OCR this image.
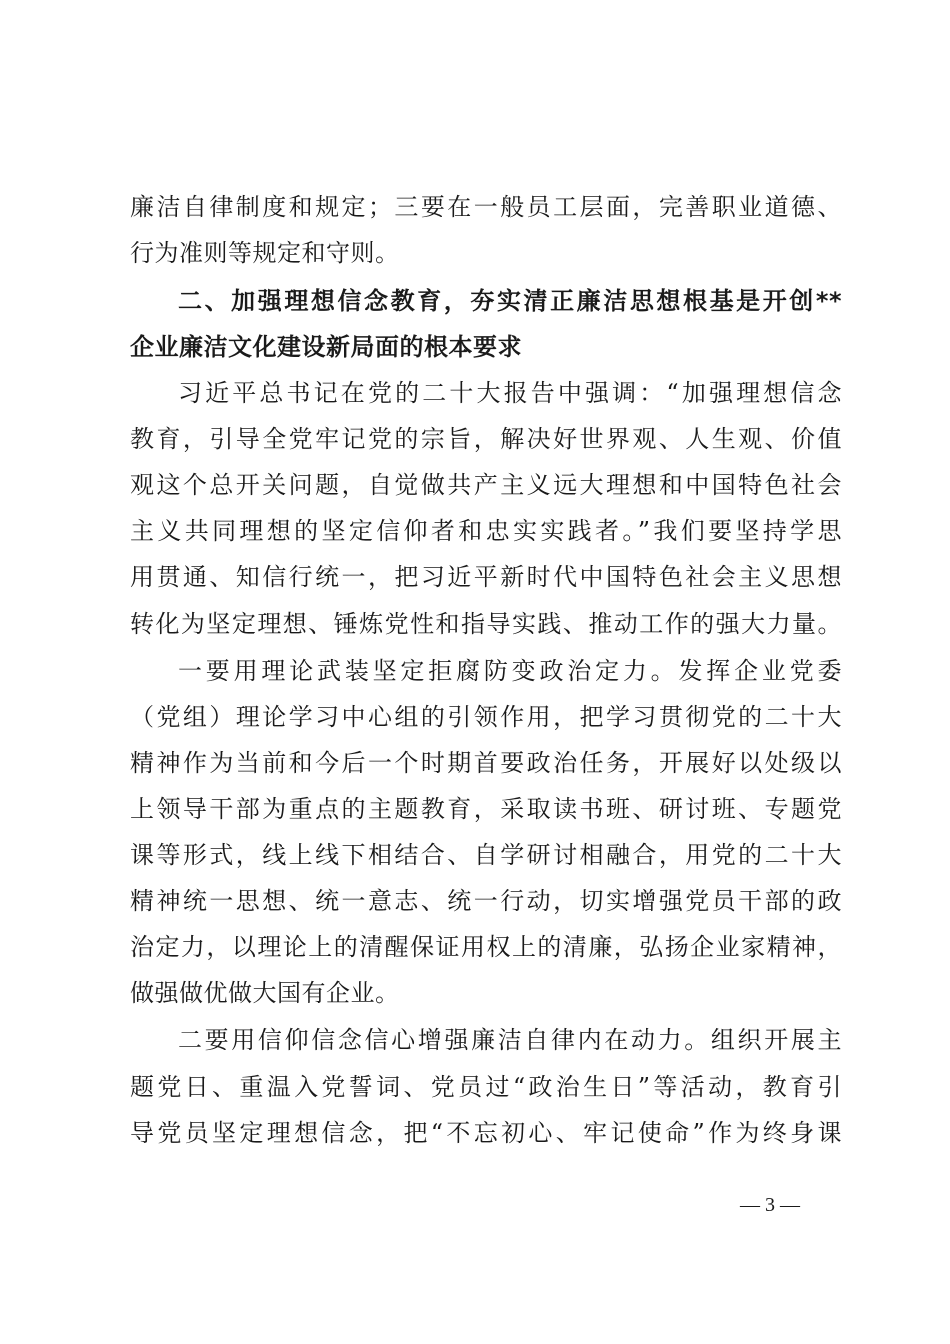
廉洁自律制度和规定；三要在一般员工层面，完善职业道德、
行为准则等规定和守则。
二、加强理想信念教育，夯实清正廉洁思想根基是开创**
企业廉洁文化建设新局面的根本要求
习近平总书记在党的二十大报告中强调：“加强理想信念
教育，引导全党牢记党的宗旨，解决好世界观、人生观、价值
观这个总开关问题，自觉做共产主义远大理想和中国特色社会
主义共同理想的坚定信仰者和忠实实践者。”我们要坚持学思
用贯通、知信行统一，把习近平新时代中国特色社会主义思想
转化为坚定理想、锤炼党性和指导实践、推动工作的强大力量。
一要用理论武装坚定拒腐防变政治定力。发挥企业党委
（党组）理论学习中心组的引领作用，把学习贯彻党的二十大
精神作为当前和今后一个时期首要政治任务，开展好以处级以
上领导干部为重点的主题教育，采取读书班、研讨班、专题党
课等形式，线上线下相结合、自学研讨相融合，用党的二十大
精神统一思想、统一意志、统一行动，切实增强党员干部的政
治定力，以理论上的清醒保证用权上的清廉，弘扬企业家精神，
做强做优做大国有企业。
二要用信仰信念信心增强廉洁自律内在动力。组织开展主
题党日、重温入党誓词、党员过“政治生日”等活动，教育引
导党员坚定理想信念，把“不忘初心、牢记使命”作为终身课
— 3 —
